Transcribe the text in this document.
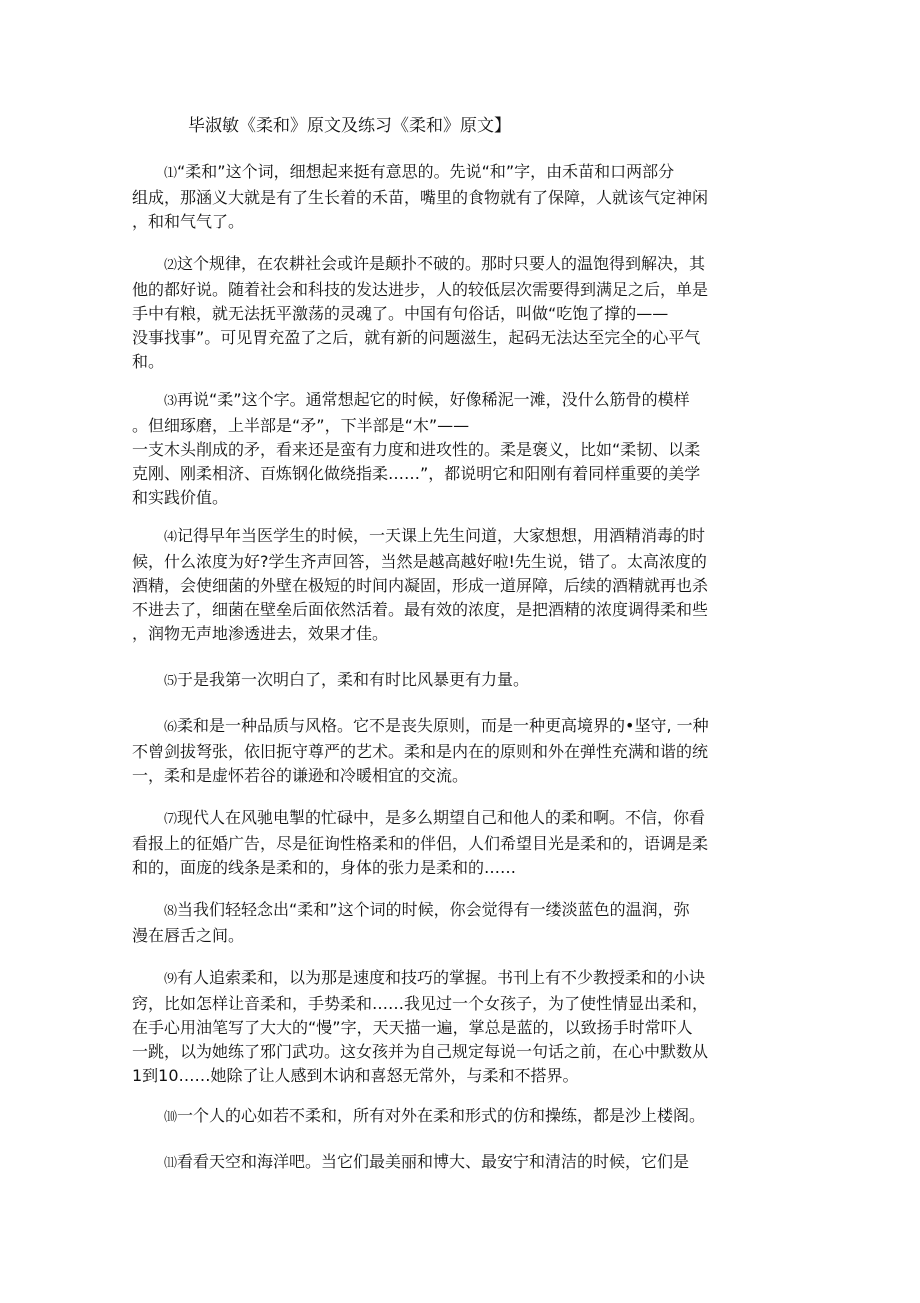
毕淑敏《柔和》原文及练习《柔和》原文】
⑴“柔和”这个词，细想起来挺有意思的。先说“和”字，由禾苗和口两部分
组成，那涵义大就是有了生长着的禾苗，嘴里的食物就有了保障，人就该气定神闲
，和和气气了。
⑵这个规律，在农耕社会或许是颠扑不破的。那时只要人的温饱得到解决，其
他的都好说。随着社会和科技的发达进步，人的较低层次需要得到满足之后，单是
手中有粮，就无法抚平激荡的灵魂了。中国有句俗话，叫做“吃饱了撑的——
没事找事”。可见胃充盈了之后，就有新的问题滋生，起码无法达至完全的心平气
和。
⑶再说“柔”这个字。通常想起它的时候，好像稀泥一滩，没什么筋骨的模样
。但细琢磨，上半部是“矛”，下半部是“木”——
一支木头削成的矛，看来还是蛮有力度和进攻性的。柔是褒义，比如“柔韧、以柔
克刚、刚柔相济、百炼钢化做绕指柔……”，都说明它和阳刚有着同样重要的美学
和实践价值。
⑷记得早年当医学生的时候，一天课上先生问道，大家想想，用酒精消毒的时
候，什么浓度为好?学生齐声回答，当然是越高越好啦!先生说，错了。太高浓度的
酒精，会使细菌的外壁在极短的时间内凝固，形成一道屏障，后续的酒精就再也杀
不进去了，细菌在壁垒后面依然活着。最有效的浓度，是把酒精的浓度调得柔和些
，润物无声地渗透进去，效果才佳。
⑸于是我第一次明白了，柔和有时比风暴更有力量。
⑹柔和是一种品质与风格。它不是丧失原则，而是一种更高境界的•坚守, 一种
不曾剑拔弩张，依旧扼守尊严的艺术。柔和是内在的原则和外在弹性充满和谐的统
一，柔和是虚怀若谷的谦逊和冷暖相宜的交流。
⑺现代人在风驰电掣的忙碌中，是多么期望自己和他人的柔和啊。不信，你看
看报上的征婚广告，尽是征询性格柔和的伴侣，人们希望目光是柔和的，语调是柔
和的，面庞的线条是柔和的，身体的张力是柔和的……
⑻当我们轻轻念出“柔和”这个词的时候，你会觉得有一缕淡蓝色的温润，弥
漫在唇舌之间。
⑼有人追索柔和，以为那是速度和技巧的掌握。书刊上有不少教授柔和的小诀
窍，比如怎样让音柔和，手势柔和……我见过一个女孩子，为了使性情显出柔和，
在手心用油笔写了大大的“慢”字，天天描一遍，掌总是蓝的，以致扬手时常吓人
一跳，以为她练了邪门武功。这女孩并为自己规定每说一句话之前，在心中默数从
1到10……她除了让人感到木讷和喜怒无常外，与柔和不搭界。
⑽一个人的心如若不柔和，所有对外在柔和形式的仿和操练，都是沙上楼阁。
⑾看看天空和海洋吧。当它们最美丽和博大、最安宁和清洁的时候，它们是
